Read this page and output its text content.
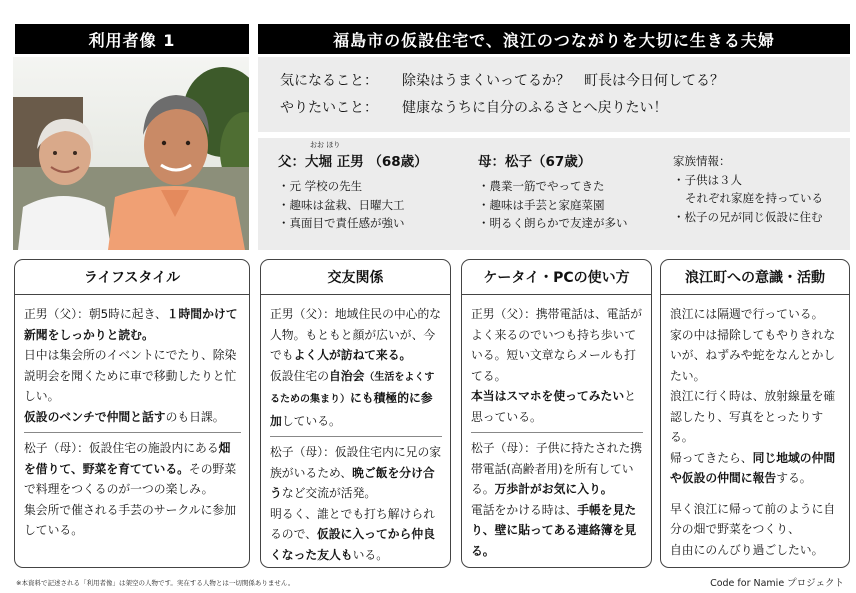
利用者像 1	福島市の仮設住宅で、浪江のつながりを大切に生きる夫婦
気になること：	除染はうまくいってるか？　町長は今日何してる？
やりたいこと：	健康なうちに自分のふるさとへ戻りたい！
おお ほり
父：大堀 正男 （68歳）
・元 学校の先生
・趣味は盆栽、日曜大工
・真面目で責任感が強い
母：松子（67歳）
・農業一筋でやってきた
・趣味は手芸と家庭菜園
・明るく朗らかで友達が多い
家族情報：
・子供は３人
それぞれ家庭を持っている
・松子の兄が同じ仮設に住む
ライフスタイル
正男（父）：朝5時に起き、１時間かけて新聞をしっかりと読む。
日中は集会所のイベントにでたり、除染説明会を聞くために車で移動したりと忙しい。
仮設のベンチで仲間と話すのも日課。
松子（母）：仮設住宅の施設内にある畑を借りて、野菜を育てている。その野菜で料理をつくるのが一つの楽しみ。
集会所で催される手芸のサークルに参加している。
交友関係
正男（父）：地域住民の中心的な人物。もともと顔が広いが、今でもよく人が訪ねて来る。
仮設住宅の自治会（生活をよくするための集まり）にも積極的に参加している。
松子（母）：仮設住宅内に兄の家族がいるため、晩ご飯を分け合うなど交流が活発。
明るく、誰とでも打ち解けられるので、仮設に入ってから仲良くなった友人もいる。
ケータイ・PCの使い方
正男（父）：携帯電話は、電話がよく来るのでいつも持ち歩いている。短い文章ならメールも打てる。
本当はスマホを使ってみたいと思っている。
松子（母）：子供に持たされた携帯電話(高齢者用)を所有している。万歩計がお気に入り。
電話をかける時は、手帳を見たり、壁に貼ってある連絡簿を見る。
浪江町への意識・活動
浪江には隔週で行っている。
家の中は掃除してもやりきれないが、ねずみや蛇をなんとかしたい。
浪江に行く時は、放射線量を確認したり、写真をとったりする。
帰ってきたら、同じ地域の仲間や仮設の仲間に報告する。
早く浪江に帰って前のように自分の畑で野菜をつくり、
自由にのんびり過ごしたい。
※本資料で記述される「利用者像」は架空の人物です。実在する人物とは一切関係ありません。	Code for Namie プロジェクト
